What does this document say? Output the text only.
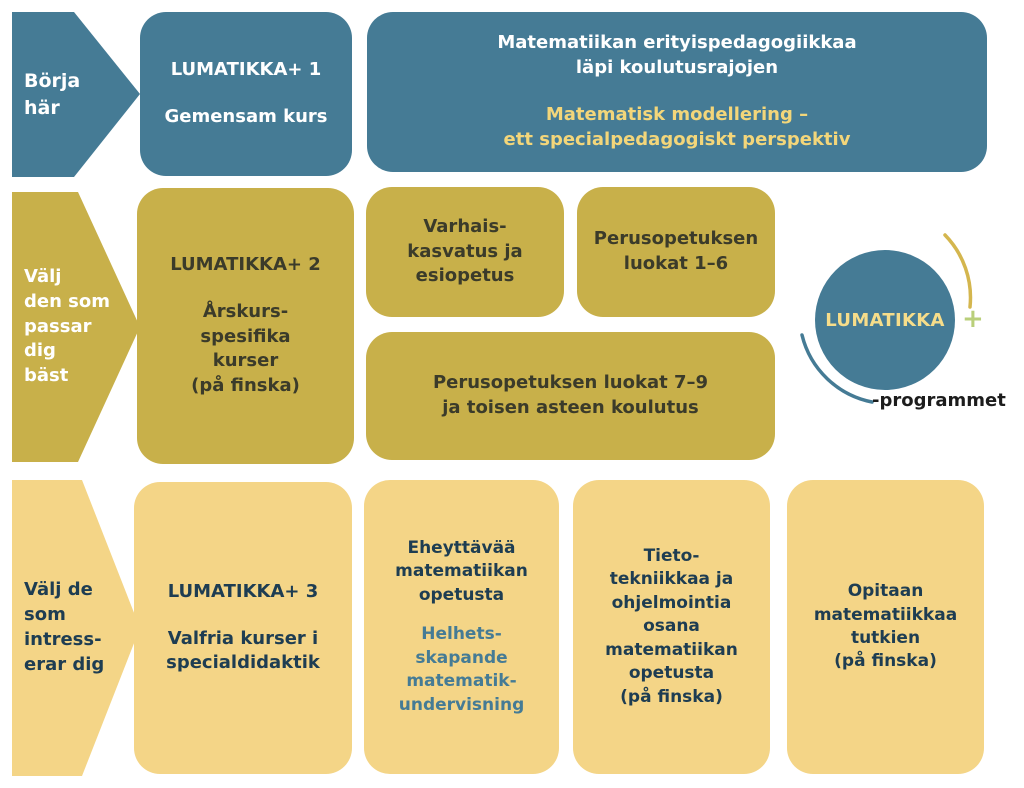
Börja
här
Välj
den som
passar
dig
bäst
Välj de
som
intress-
erar dig
LUMATIKKA+ 1
Gemensam kurs
Matematiikan erityispedagogiikkaa
läpi koulutusrajojen
Matematisk modellering –
ett specialpedagogiskt perspektiv
LUMATIKKA+ 2
Årskurs-
spesifika
kurser
(på finska)
Varhais-
kasvatus ja
esiopetus
Perusopetuksen
luokat 1–6
Perusopetuksen luokat 7–9
ja toisen asteen koulutus
LUMATIKKA +
-programmet
LUMATIKKA+ 3
Valfria kurser i
specialdidaktik
Eheyttävää
matematiikan
opetusta
Helhets-
skapande
matematik-
undervisning
Tieto-
tekniikkaa ja
ohjelmointia
osana
matematiikan
opetusta
(på finska)
Opitaan
matematiikkaa
tutkien
(på finska)
